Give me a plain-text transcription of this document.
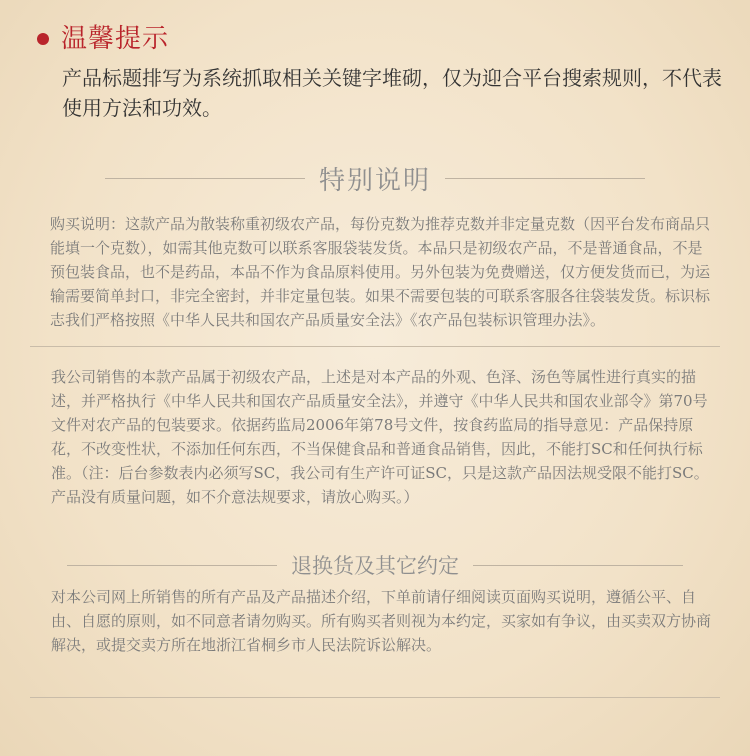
温馨提示
产品标题排写为系统抓取相关关键字堆砌，仅为迎合平台搜索规则，不代表使用方法和功效。
特别说明
购买说明：这款产品为散装称重初级农产品，每份克数为推荐克数并非定量克数（因平台发布商品只能填一个克数），如需其他克数可以联系客服袋装发货。本品只是初级农产品，不是普通食品，不是预包装食品，也不是药品，本品不作为食品原料使用。另外包装为免费赠送，仅方便发货而已，为运输需要简单封口，非完全密封，并非定量包装。如果不需要包装的可联系客服各往袋装发货。标识标志我们严格按照《中华人民共和国农产品质量安全法》《农产品包装标识管理办法》。
我公司销售的本款产品属于初级农产品，上述是对本产品的外观、色泽、汤色等属性进行真实的描述，并严格执行《中华人民共和国农产品质量安全法》，并遵守《中华人民共和国农业部令》第70号文件对农产品的包装要求。依据药监局2006年第78号文件，按食药监局的指导意见：产品保持原花，不改变性状，不添加任何东西，不当保健食品和普通食品销售，因此，不能打SC和任何执行标准。（注：后台参数表内必须写SC，我公司有生产许可证SC，只是这款产品因法规受限不能打SC。产品没有质量问题，如不介意法规要求，请放心购买。）
退换货及其它约定
对本公司网上所销售的所有产品及产品描述介绍，下单前请仔细阅读页面购买说明，遵循公平、自由、自愿的原则，如不同意者请勿购买。所有购买者则视为本约定，买家如有争议，由买卖双方协商解决，或提交卖方所在地浙江省桐乡市人民法院诉讼解决。
